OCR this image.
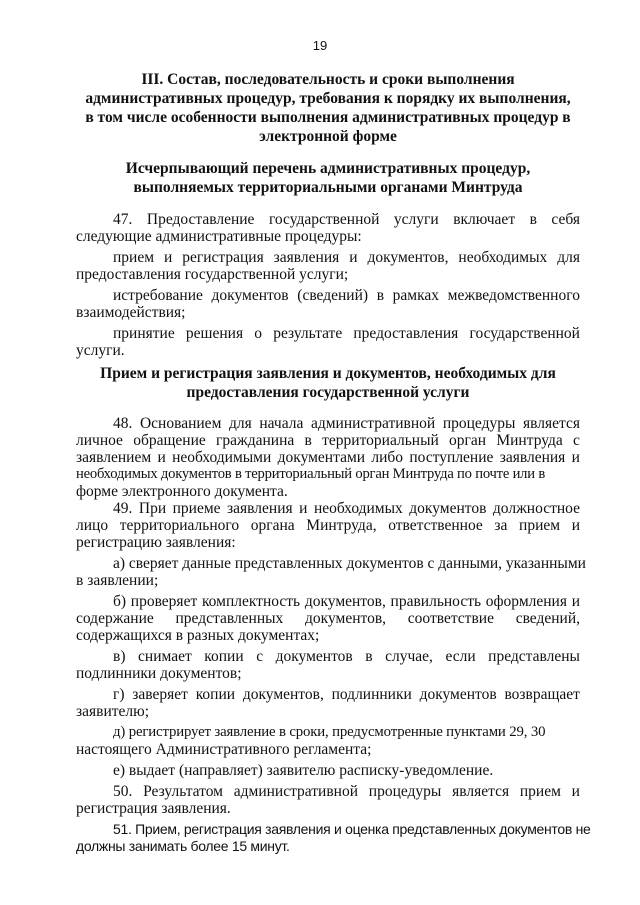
19
III. Состав, последовательность и сроки выполнения
административных процедур, требования к порядку их выполнения,
в том числе особенности выполнения административных процедур в
электронной форме
Исчерпывающий перечень административных процедур,
выполняемых территориальными органами Минтруда
47. Предоставление государственной услуги включает в себя
следующие административные процедуры:
прием и регистрация заявления и документов, необходимых для
предоставления государственной услуги;
истребование документов (сведений) в рамках межведомственного
взаимодействия;
принятие решения о результате предоставления государственной
услуги.
Прием и регистрация заявления и документов, необходимых для
предоставления государственной услуги
48. Основанием для начала административной процедуры является
личное обращение гражданина в территориальный орган Минтруда с
заявлением и необходимыми документами либо поступление заявления и
необходимых документов в территориальный орган Минтруда по почте или в
форме электронного документа.
49. При приеме заявления и необходимых документов должностное
лицо территориального органа Минтруда, ответственное за прием и
регистрацию заявления:
а) сверяет данные представленных документов с данными, указанными
в заявлении;
б) проверяет комплектность документов, правильность оформления и
содержание представленных документов, соответствие сведений,
содержащихся в разных документах;
в) снимает копии с документов в случае, если представлены
подлинники документов;
г) заверяет копии документов, подлинники документов возвращает
заявителю;
д) регистрирует заявление в сроки, предусмотренные пунктами 29, 30
настоящего Административного регламента;
е) выдает (направляет) заявителю расписку-уведомление.
50. Результатом административной процедуры является прием и
регистрация заявления.
51. Прием, регистрация заявления и оценка представленных документов не
должны занимать более 15 минут.
